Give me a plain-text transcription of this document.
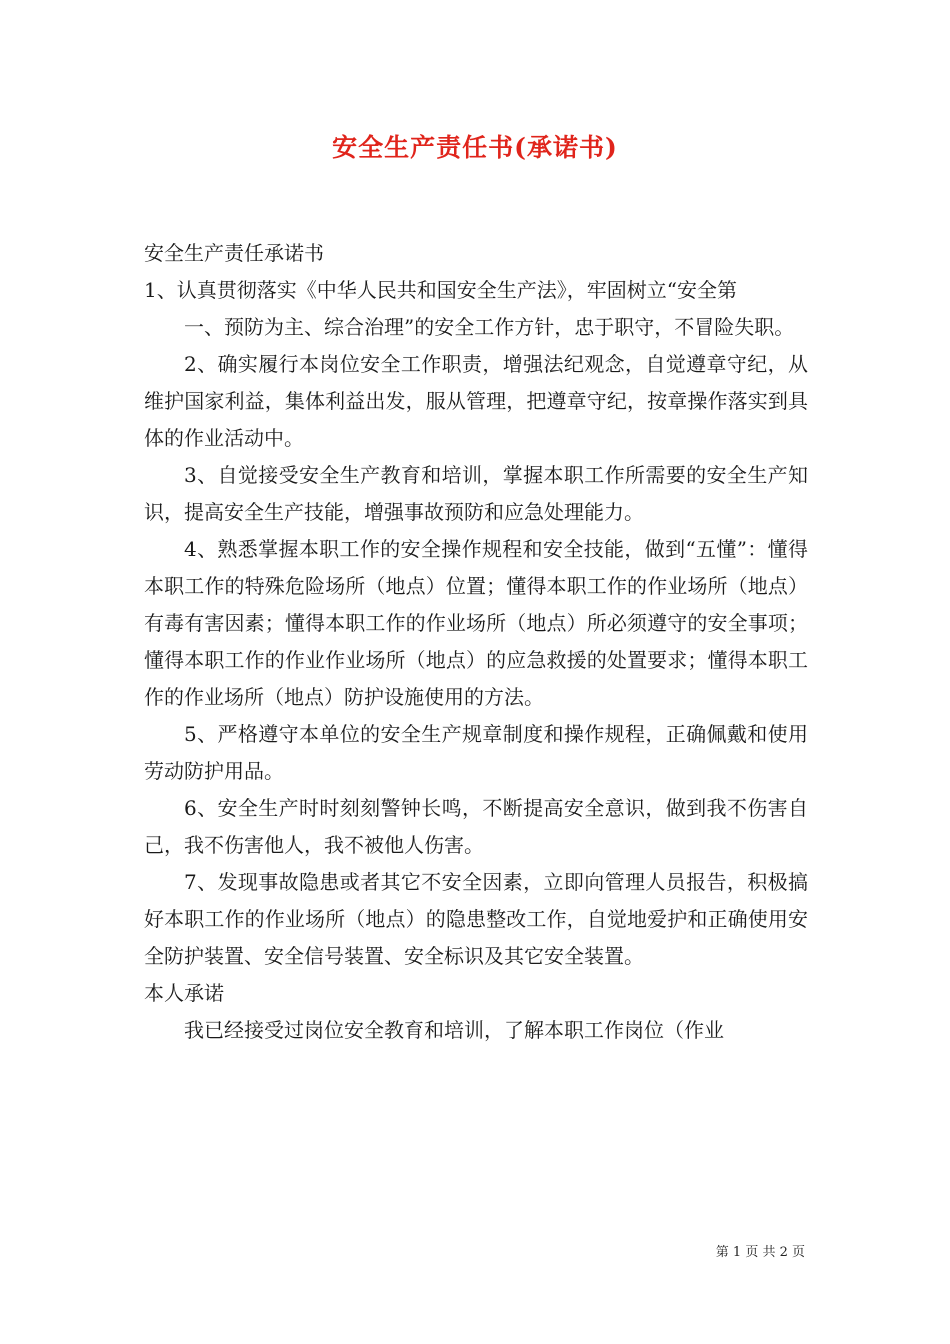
安全生产责任书(承诺书)

安全生产责任承诺书

1、认真贯彻落实《中华人民共和国安全生产法》，牢固树立“安全第

一、预防为主、综合治理”的安全工作方针，忠于职守，不冒险失职。

2、确实履行本岗位安全工作职责，增强法纪观念，自觉遵章守纪，从维护国家利益，集体利益出发，服从管理，把遵章守纪，按章操作落实到具体的作业活动中。

3、自觉接受安全生产教育和培训，掌握本职工作所需要的安全生产知识，提高安全生产技能，增强事故预防和应急处理能力。

4、熟悉掌握本职工作的安全操作规程和安全技能，做到“五懂”：懂得本职工作的特殊危险场所（地点）位置；懂得本职工作的作业场所（地点）有毒有害因素；懂得本职工作的作业场所（地点）所必须遵守的安全事项；懂得本职工作的作业作业场所（地点）的应急救援的处置要求；懂得本职工作的作业场所（地点）防护设施使用的方法。

5、严格遵守本单位的安全生产规章制度和操作规程，正确佩戴和使用劳动防护用品。

6、安全生产时时刻刻警钟长鸣，不断提高安全意识，做到我不伤害自己，我不伤害他人，我不被他人伤害。

7、发现事故隐患或者其它不安全因素，立即向管理人员报告，积极搞好本职工作的作业场所（地点）的隐患整改工作，自觉地爱护和正确使用安全防护装置、安全信号装置、安全标识及其它安全装置。

本人承诺

我已经接受过岗位安全教育和培训，了解本职工作岗位（作业

第 1 页 共 2 页
